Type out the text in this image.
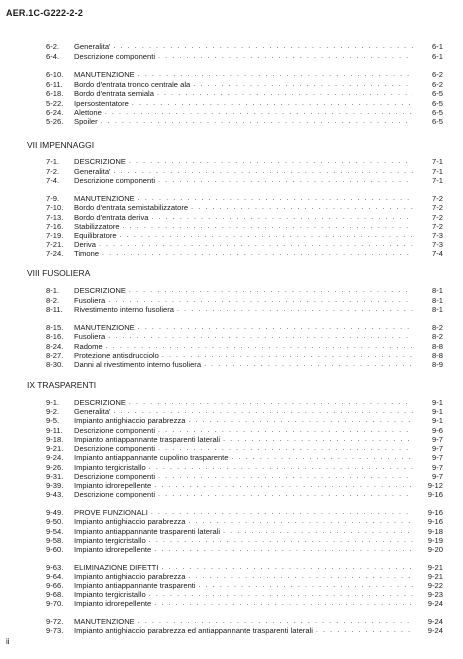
AER.1C-G222-2-2
6-2. Generalita' . . .	6-1
6-4. Descrizione componenti . . .	6-1
6-10. MANUTENZIONE . . .	6-2
6-11. Bordo d'entrata tronco centrale ala . . .	6-2
6-18. Bordo d'entrata semiala . . .	6-5
5-22. Ipersostentatore . . .	6-5
6-24. Alettone . . .	6-5
5-26. Spoiler . . .	6-5
VII IMPENNAGGI
7-1. DESCRIZIONE . . .	7-1
7-2. Generalita' . . .	7-1
7-4. Descrizione componenti . . .	7-1
7-9. MANUTENZIONE . . .	7-2
7-10. Bordo d'entrata semistabilizzatore . . .	7-2
7-13. Bordo d'entrata deriva . . .	7-2
7-16. Stabilizzatore . . .	7-2
7-19. Equilibratore . . .	7-3
7-21. Deriva . . .	7-3
7-24. Timone . . .	7-4
VIII FUSOLIERA
8-1. DESCRIZIONE . . .	8-1
8-2. Fusoliera . . .	8-1
8-11. Rivestimento interno fusoliera . . .	8-1
8-15. MANUTENZIONE . . .	8-2
8-16. Fusoliera . . .	8-2
8-24. Radome . . .	8-8
8-27. Protezione antisdrucciolo . . .	8-8
8-30. Danni al rivestimento interno fusoliera . . .	8-9
IX TRASPARENTI
9-1. DESCRIZIONE . . .	9-1
9-2. Generalita' . . .	9-1
9-5. Impianto antighiaccio parabrezza . . .	9-1
9-11. Descrizione componenti . . .	9-6
9-18. Impianto antiappannante trasparenti laterali . . .	9-7
9-21. Descrizione componenti . . .	9-7
9-24. Impianto antiappannante cupolino trasparente . . .	9-7
9-26. Impianto tergicristallo . . .	9-7
9-31. Descrizione componenti . . .	9-7
9-39. Impianto idrorepellente . . .	9-12
9-43. Descrizione componenti . . .	9-16
9-49. PROVE FUNZIONALI . . .	9-16
9-50. Impianto antighiaccio parabrezza . . .	9-16
9-54. Impianto antiappannante trasparenti laterali . . .	9-18
9-58. Impianto tergicristallo . . .	9-19
9-60. Impianto idrorepellente . . .	9-20
9-63. ELIMINAZIONE DIFETTI . . .	9-21
9-64. Impianto antighiaccio parabrezza . . .	9-21
9-66. Impianto antiappannante trasparenti . . .	9-22
9-68. Impianto tergicristallo . . .	9-23
9-70. Impianto idrorepellente . . .	9-24
9-72. MANUTENZIONE . . .	9-24
9-73. Impianto antighiaccio parabrezza ed antiappannante trasparenti laterali . . .	9-24
ii
